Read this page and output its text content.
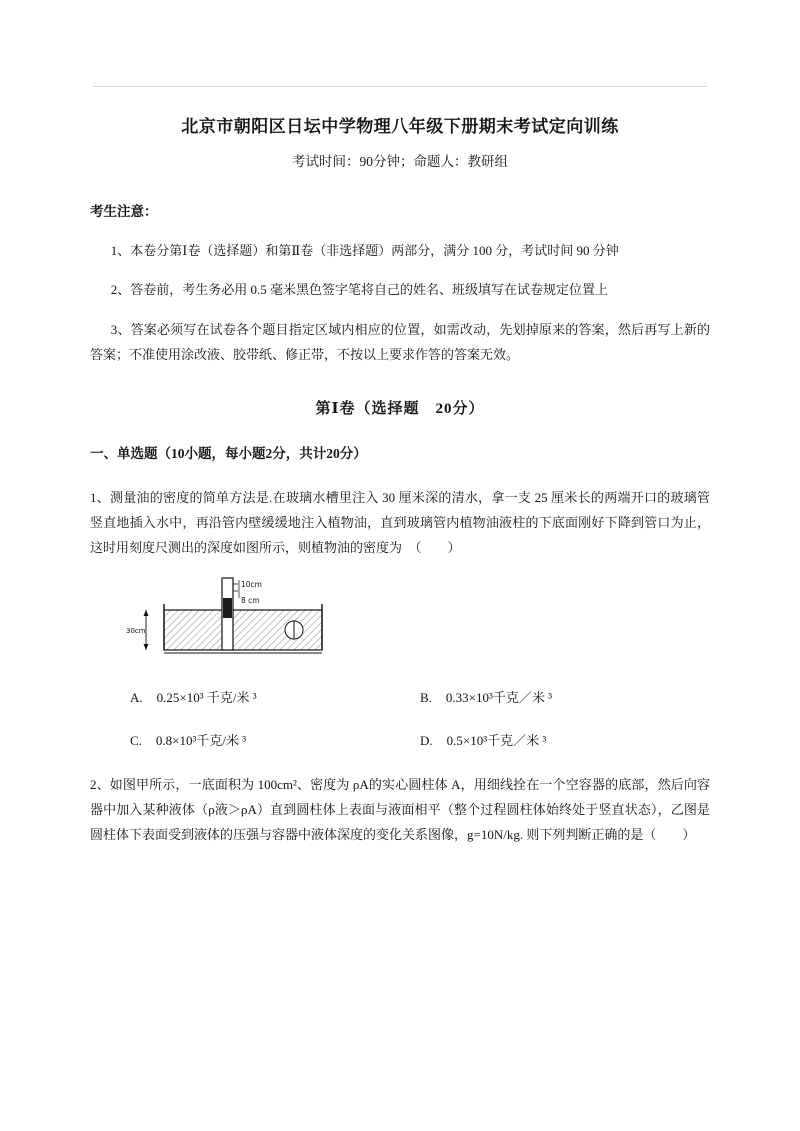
北京市朝阳区日坛中学物理八年级下册期末考试定向训练
考试时间：90分钟；命题人：教研组
考生注意：

1、本卷分第Ⅰ卷（选择题）和第Ⅱ卷（非选择题）两部分，满分 100 分，考试时间 90 分钟

2、答卷前，考生务必用 0.5 毫米黑色签字笔将自己的姓名、班级填写在试卷规定位置上

3、答案必须写在试卷各个题目指定区域内相应的位置，如需改动，先划掉原来的答案，然后再写上新的答案；不准使用涂改液、胶带纸、修正带，不按以上要求作答的答案无效。

第Ⅰ卷（选择题　20分）
一、单选题（10小题，每小题2分，共计20分）

1、测量油的密度的简单方法是.在玻璃水槽里注入 30 厘米深的清水，拿一支 25 厘米长的两端开口的玻璃管竖直地插入水中，再沿管内壁缓缓地注入植物油，直到玻璃管内植物油液柱的下底面刚好下降到管口为止，这时用刻度尺测出的深度如图所示，则植物油的密度为　（　　）

10cm
8 cm
30cm
A. 0.25×10³ 千克/米 ³	B. 0.33×10³千克／米 ³
C. 0.8×10³千克/米 ³	D. 0.5×10³千克／米 ³

2、如图甲所示，一底面积为 100cm²、密度为 ρA的实心圆柱体 A，用细线拴在一个空容器的底部，然后向容器中加入某种液体（ρ液＞ρA）直到圆柱体上表面与液面相平（整个过程圆柱体始终处于竖直状态），乙图是圆柱体下表面受到液体的压强与容器中液体深度的变化关系图像，g=10N/kg. 则下列判断正确的是（　　）
